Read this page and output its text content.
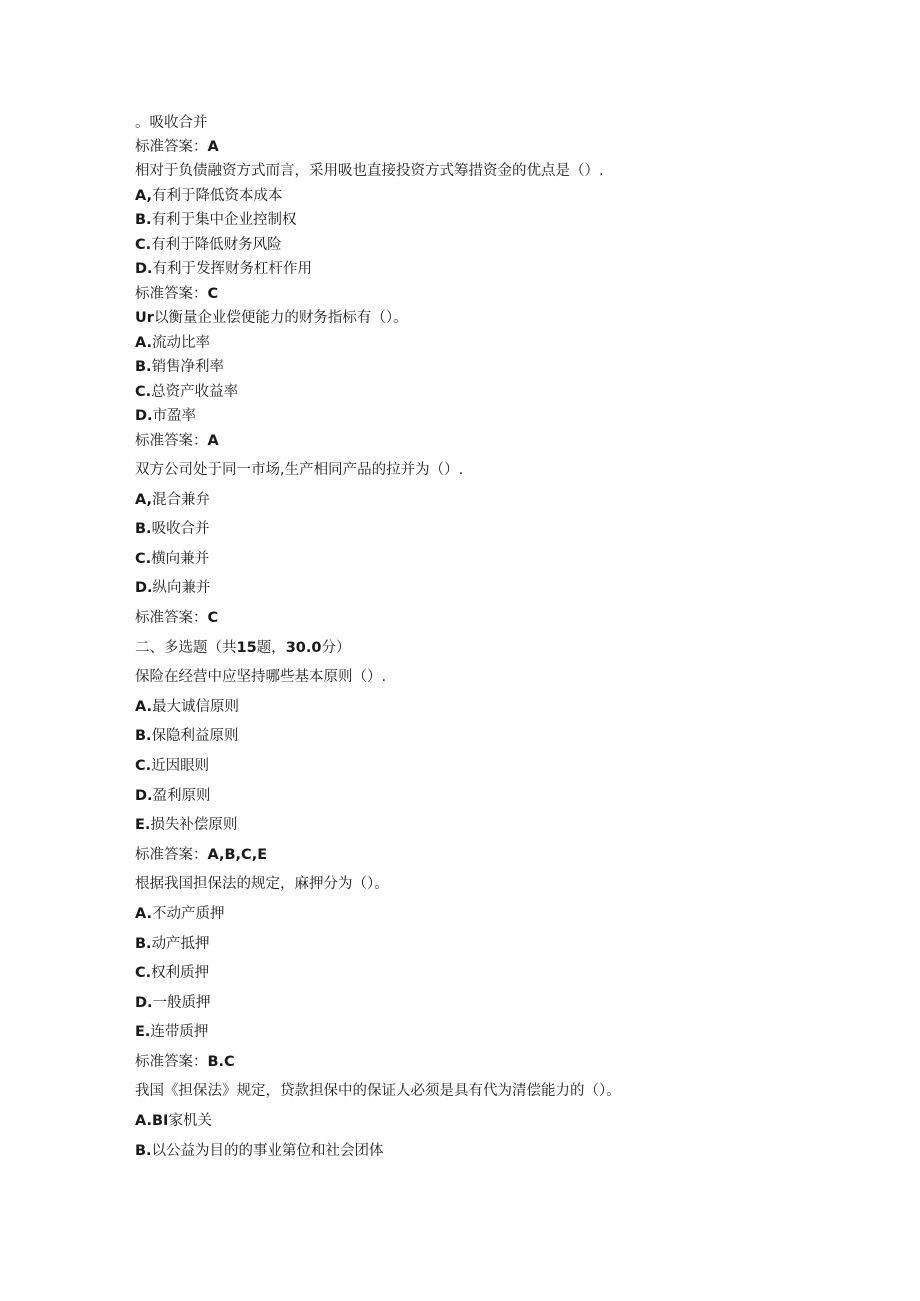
。吸收合并
标准答案：A
相对于负债融资方式而言，采用吸也直接投资方式筹措资金的优点是（）.
A,有利于降低资本成本
B.有利于集中企业控制权
C.有利于降低财务风险
D.有利于发挥财务杠杆作用
标准答案：C
Ur以衡量企业偿便能力的财务指标有（）。
A.流动比率
B.销售净利率
C.总资产收益率
D.市盈率
标准答案：A
双方公司处于同一市场,生产相同产品的拉并为（）.
A,混合兼弁
B.吸收合并
C.横向兼并
D.纵向兼并
标准答案：C
二、多选题（共15题，30.0分）
保险在经营中应坚持哪些基本原则（）.
A.最大诚信原则
B.保隐利益原则
C.近因眼则
D.盈利原则
E.损失补偿原则
标准答案：A,B,C,E
根据我国担保法的规定，麻押分为（）。
A.不动产质押
B.动产抵押
C.权利质押
D.一般质押
E.连带质押
标准答案：B.C
我国《担保法》规定，贷款担保中的保证人必须是具有代为清偿能力的（）。
A.BI家机关
B.以公益为目的的事业第位和社会团体
